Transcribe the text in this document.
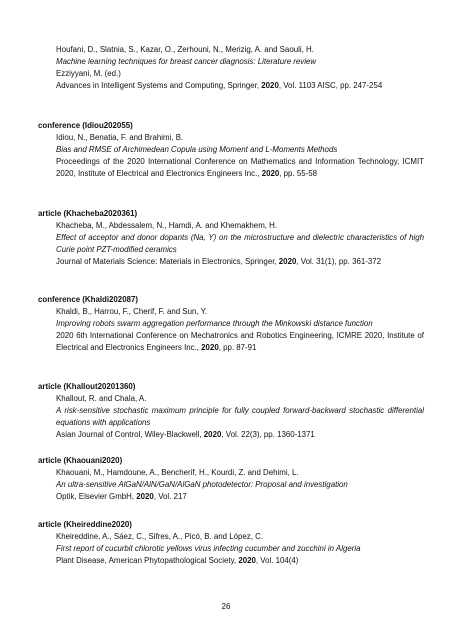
Houfani, D., Slatnia, S., Kazar, O., Zerhouni, N., Merizig, A. and Saouli, H.
Machine learning techniques for breast cancer diagnosis: Literature review
Ezziyyani, M. (ed.)
Advances in Intelligent Systems and Computing, Springer, 2020, Vol. 1103 AISC, pp. 247-254
conference (Idiou202055)
Idiou, N., Benatia, F. and Brahimi, B.
Bias and RMSE of Archimedean Copula using Moment and L-Moments Methods
Proceedings of the 2020 International Conference on Mathematics and Information Technology, ICMIT 2020, Institute of Electrical and Electronics Engineers Inc., 2020, pp. 55-58
article (Khacheba2020361)
Khacheba, M., Abdessalem, N., Hamdi, A. and Khemakhem, H.
Effect of acceptor and donor dopants (Na, Y) on the microstructure and dielectric characteristics of high Curie point PZT-modified ceramics
Journal of Materials Science: Materials in Electronics, Springer, 2020, Vol. 31(1), pp. 361-372
conference (Khaldi202087)
Khaldi, B., Harrou, F., Cherif, F. and Sun, Y.
Improving robots swarm aggregation performance through the Minkowski distance function
2020 6th International Conference on Mechatronics and Robotics Engineering, ICMRE 2020, Institute of Electrical and Electronics Engineers Inc., 2020, pp. 87-91
article (Khallout20201360)
Khallout, R. and Chala, A.
A risk-sensitive stochastic maximum principle for fully coupled forward-backward stochastic differential equations with applications
Asian Journal of Control, Wiley-Blackwell, 2020, Vol. 22(3), pp. 1360-1371
article (Khaouani2020)
Khaouani, M., Hamdoune, A., Bencherif, H., Kourdi, Z. and Dehimi, L.
An ultra-sensitive AlGaN/AlN/GaN/AlGaN photodetector: Proposal and investigation
Optik, Elsevier GmbH, 2020, Vol. 217
article (Kheireddine2020)
Kheireddine, A., Sáez, C., Sifres, A., Picó, B. and López, C.
First report of cucurbit chlorotic yellows virus infecting cucumber and zucchini in Algeria
Plant Disease, American Phytopathological Society, 2020, Vol. 104(4)
26
